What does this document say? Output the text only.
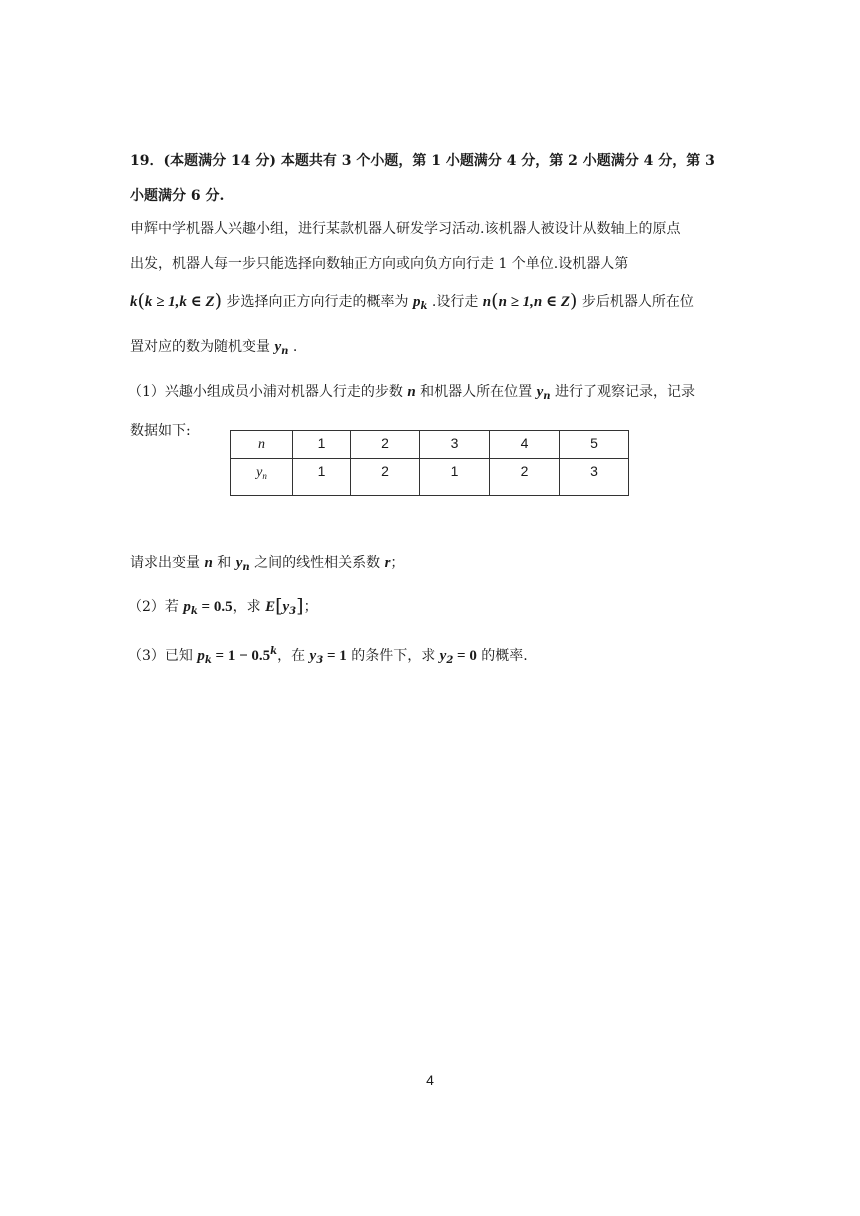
19．(本题满分 14 分) 本题共有 3 个小题，第 1 小题满分 4 分，第 2 小题满分 4 分，第 3
小题满分 6 分.
申辉中学机器人兴趣小组，进行某款机器人研发学习活动.该机器人被设计从数轴上的原点
出发，机器人每一步只能选择向数轴正方向或向负方向行走 1 个单位.设机器人第
k(k ≥ 1,k ∈ Z) 步选择向正方向行走的概率为 $p_k$ .设行走 n(n ≥ 1,n ∈ Z) 步后机器人所在位
置对应的数为随机变量 $y_n$ .
（1）兴趣小组成员小浦对机器人行走的步数 n 和机器人所在位置 $y_n$ 进行了观察记录，记录
数据如下:
n	1	2	3	4	5
$y_n$	1	2	1	2	3
请求出变量 n 和 $y_n$ 之间的线性相关系数 r；
（2）若 $p_k = 0.5$，求 $E[y_3]$；
（3）已知 $p_k = 1 - 0.5^k$，在 $y_3 = 1$ 的条件下，求 $y_2 = 0$ 的概率.
4
